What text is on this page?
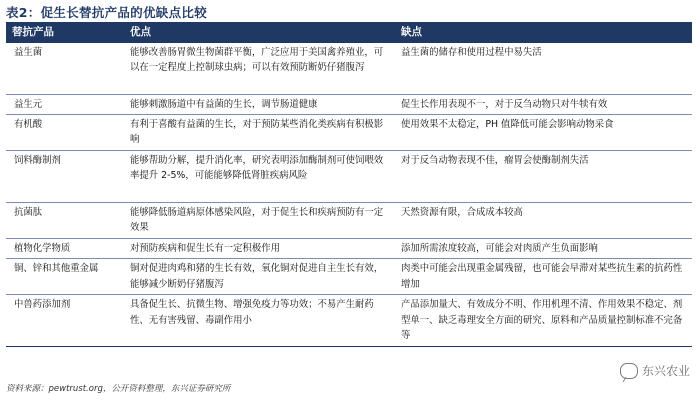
表2：促生长替抗产品的优缺点比较
替抗产品	优点	缺点
益生菌	能够改善肠胃微生物菌群平衡，广泛应用于美国禽养殖业，可以在一定程度上控制球虫病；可以有效预防断奶仔猪腹泻	益生菌的储存和使用过程中易失活
益生元	能够刺激肠道中有益菌的生长，调节肠道健康	促生长作用表现不一，对于反刍动物只对牛犊有效
有机酸	有利于喜酸有益菌的生长，对于预防某些消化类疾病有积极影响	使用效果不太稳定，PH 值降低可能会影响动物采食
饲料酶制剂	能够帮助分解，提升消化率，研究表明添加酶制剂可使饲喂效率提升 2-5%，可能能够降低肾脏疾病风险	对于反刍动物表现不佳，瘤胃会使酶制剂失活
抗菌肽	能够降低肠道病原体感染风险，对于促生长和疾病预防有一定效果	天然资源有限，合成成本较高
植物化学物质	对预防疾病和促生长有一定积极作用	添加所需浓度较高，可能会对肉质产生负面影响
铜、锌和其他重金属	铜对促进肉鸡和猪的生长有效，氧化铜对促进自主生长有效，能够减少断奶仔猪腹泻	肉类中可能会出现重金属残留，也可能会早滞对某些抗生素的抗药性增加
中兽药添加剂	具备促生长、抗微生物、增强免疫力等功效；不易产生耐药性、无有害残留、毒副作用小	产品添加量大、有效成分不明、作用机理不清、作用效果不稳定、剂型单一、缺乏毒理安全方面的研究、原料和产品质量控制标准不完备等
资料来源：pewtrust.org，公开资料整理，东兴证券研究所
东兴农业
